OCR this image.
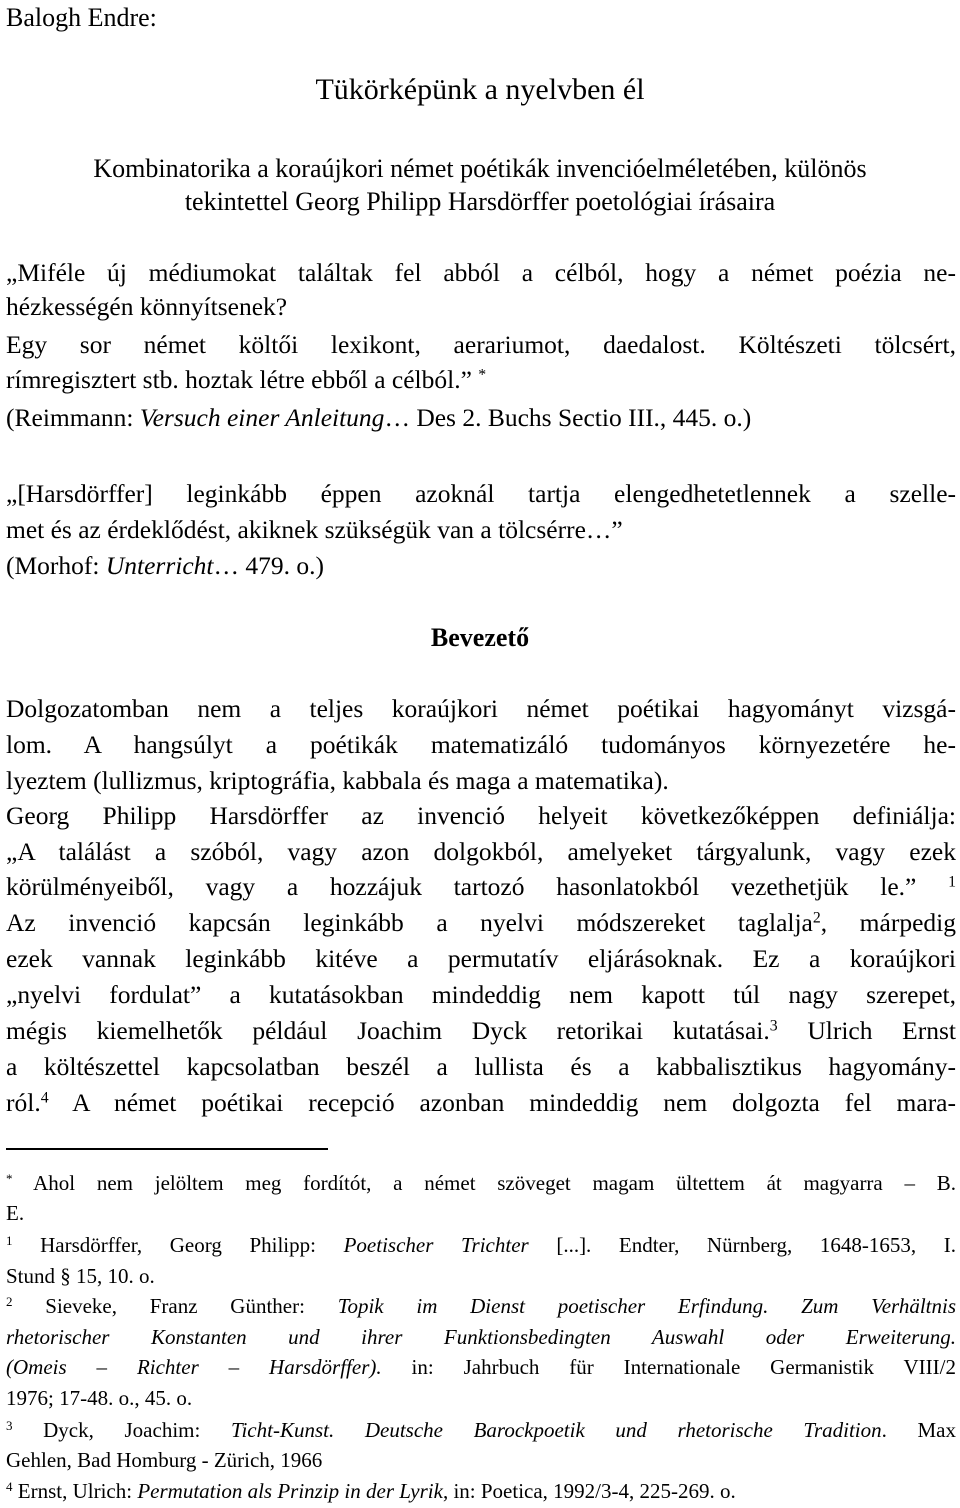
Balogh Endre:
Tükörképünk a nyelvben él
Kombinatorika a koraújkori német poétikák invencióelméletében, különös
tekintettel Georg Philipp Harsdörffer poetológiai írásaira
„Miféle új médiumokat találtak fel abból a célból, hogy a német poézia ne-
hézkességén könnyítsenek?
Egy sor német költői lexikont, aerariumot, daedalost. Költészeti tölcsért,
rímregisztert stb. hoztak létre ebből a célból.” *
(Reimmann: Versuch einer Anleitung… Des 2. Buchs Sectio III., 445. o.)
„[Harsdörffer] leginkább éppen azoknál tartja elengedhetetlennek a szelle-
met és az érdeklődést, akiknek szükségük van a tölcsérre…”
(Morhof: Unterricht… 479. o.)
Bevezető
Dolgozatomban nem a teljes koraújkori német poétikai hagyományt vizsgá-
lom. A hangsúlyt a poétikák matematizáló tudományos környezetére he-
lyeztem (lullizmus, kriptográfia, kabbala és maga a matematika).
Georg Philipp Harsdörffer az invenció helyeit következőképpen definiálja:
„A találást a szóból, vagy azon dolgokból, amelyeket tárgyalunk, vagy ezek
körülményeiből, vagy a hozzájuk tartozó hasonlatokból vezethetjük le.” $^1$
Az invenció kapcsán leginkább a nyelvi módszereket taglalja$^2$, márpedig
ezek vannak leginkább kitéve a permutatív eljárásoknak. Ez a koraújkori
„nyelvi fordulat” a kutatásokban mindeddig nem kapott túl nagy szerepet,
mégis kiemelhetők például Joachim Dyck retorikai kutatásai.$^3$ Ulrich Ernst
a költészettel kapcsolatban beszél a lullista és a kabbalisztikus hagyomány-
ról.$^4$ A német poétikai recepció azonban mindeddig nem dolgozta fel mara-
* Ahol nem jelöltem meg fordítót, a német szöveget magam ültettem át magyarra – B.
E.
$^1$ Harsdörffer, Georg Philipp: Poetischer Trichter [...]. Endter, Nürnberg, 1648-1653, I.
Stund § 15, 10. o.
$^2$ Sieveke, Franz Günther: Topik im Dienst poetischer Erfindung. Zum Verhältnis
rhetorischer Konstanten und ihrer Funktionsbedingten Auswahl oder Erweiterung.
(Omeis – Richter – Harsdörffer). in: Jahrbuch für Internationale Germanistik VIII/2
1976; 17-48. o., 45. o.
$^3$ Dyck, Joachim: Ticht-Kunst. Deutsche Barockpoetik und rhetorische Tradition. Max
Gehlen, Bad Homburg - Zürich, 1966
$^4$ Ernst, Ulrich: Permutation als Prinzip in der Lyrik, in: Poetica, 1992/3-4, 225-269. o.
